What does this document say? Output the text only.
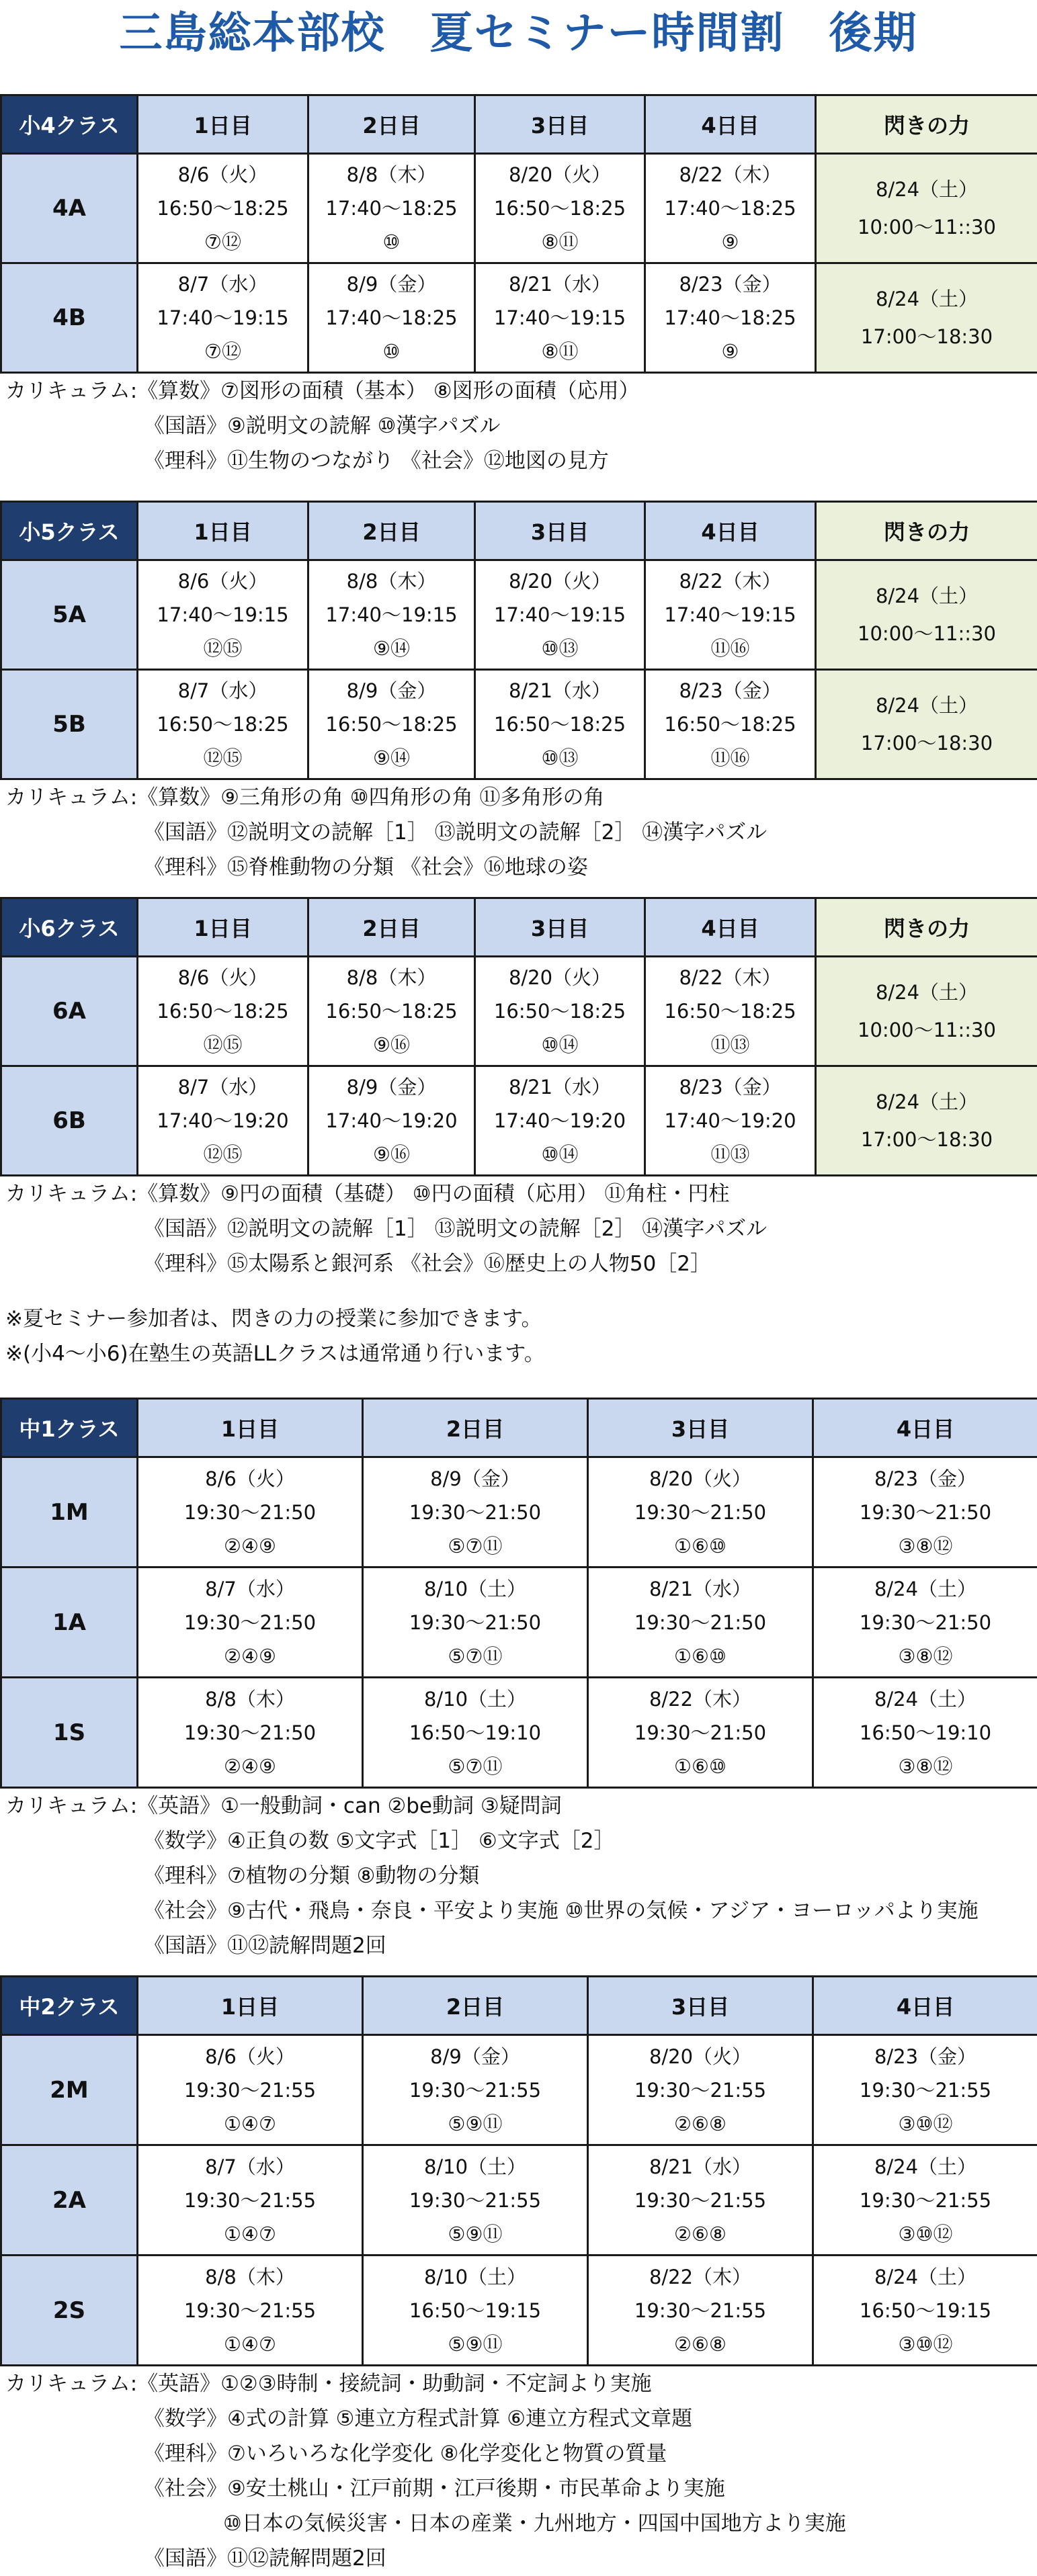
三島総本部校　夏セミナー時間割　後期
小4クラス	1日目	2日目	3日目	4日目	閃きの力
4A	8/6（火）
16:50～18:25
⑦⑫	8/8（木）
17:40～18:25
⑩	8/20（火）
16:50～18:25
⑧⑪	8/22（木）
17:40～18:25
⑨	8/24（土）
10:00～11::30

4B	8/7（水）
17:40～19:15
⑦⑫	8/9（金）
17:40～18:25
⑩	8/21（水）
17:40～19:15
⑧⑪	8/23（金）
17:40～18:25
⑨	8/24（土）
17:00～18:30
カリキュラム:《算数》⑦図形の面積（基本） ⑧図形の面積（応用）
《国語》⑨説明文の読解 ⑩漢字パズル
《理科》⑪生物のつながり 《社会》⑫地図の見方
小5クラス	1日目	2日目	3日目	4日目	閃きの力
5A	8/6（火）
17:40～19:15
⑫⑮	8/8（木）
17:40～19:15
⑨⑭	8/20（火）
17:40～19:15
⑩⑬	8/22（木）
17:40～19:15
⑪⑯	8/24（土）
10:00～11::30

5B	8/7（水）
16:50～18:25
⑫⑮	8/9（金）
16:50～18:25
⑨⑭	8/21（水）
16:50～18:25
⑩⑬	8/23（金）
16:50～18:25
⑪⑯	8/24（土）
17:00～18:30
カリキュラム:《算数》⑨三角形の角 ⑩四角形の角 ⑪多角形の角
《国語》⑫説明文の読解［1］ ⑬説明文の読解［2］ ⑭漢字パズル
《理科》⑮脊椎動物の分類 《社会》⑯地球の姿
小6クラス	1日目	2日目	3日目	4日目	閃きの力
6A	8/6（火）
16:50～18:25
⑫⑮	8/8（木）
16:50～18:25
⑨⑯	8/20（火）
16:50～18:25
⑩⑭	8/22（木）
16:50～18:25
⑪⑬	8/24（土）
10:00～11::30

6B	8/7（水）
17:40～19:20
⑫⑮	8/9（金）
17:40～19:20
⑨⑯	8/21（水）
17:40～19:20
⑩⑭	8/23（金）
17:40～19:20
⑪⑬	8/24（土）
17:00～18:30
カリキュラム:《算数》⑨円の面積（基礎） ⑩円の面積（応用） ⑪角柱・円柱
《国語》⑫説明文の読解［1］ ⑬説明文の読解［2］ ⑭漢字パズル
《理科》⑮太陽系と銀河系 《社会》⑯歴史上の人物50［2］
※夏セミナー参加者は、閃きの力の授業に参加できます。
※(小4～小6)在塾生の英語LLクラスは通常通り行います。
中1クラス	1日目	2日目	3日目	4日目
1M	8/6（火）
19:30～21:50
②④⑨	8/9（金）
19:30～21:50
⑤⑦⑪	8/20（火）
19:30～21:50
①⑥⑩	8/23（金）
19:30～21:50
③⑧⑫

1A	8/7（水）
19:30～21:50
②④⑨	8/10（土）
19:30～21:50
⑤⑦⑪	8/21（水）
19:30～21:50
①⑥⑩	8/24（土）
19:30～21:50
③⑧⑫

1S	8/8（木）
19:30～21:50
②④⑨	8/10（土）
16:50～19:10
⑤⑦⑪	8/22（木）
19:30～21:50
①⑥⑩	8/24（土）
16:50～19:10
③⑧⑫
カリキュラム:《英語》①一般動詞・can ②be動詞 ③疑問詞
《数学》④正負の数 ⑤文字式［1］ ⑥文字式［2］
《理科》⑦植物の分類 ⑧動物の分類
《社会》⑨古代・飛鳥・奈良・平安より実施 ⑩世界の気候・アジア・ヨーロッパより実施
《国語》⑪⑫読解問題2回
中2クラス	1日目	2日目	3日目	4日目
2M	8/6（火）
19:30～21:55
①④⑦	8/9（金）
19:30～21:55
⑤⑨⑪	8/20（火）
19:30～21:55
②⑥⑧	8/23（金）
19:30～21:55
③⑩⑫

2A	8/7（水）
19:30～21:55
①④⑦	8/10（土）
19:30～21:55
⑤⑨⑪	8/21（水）
19:30～21:55
②⑥⑧	8/24（土）
19:30～21:55
③⑩⑫

2S	8/8（木）
19:30～21:55
①④⑦	8/10（土）
16:50～19:15
⑤⑨⑪	8/22（木）
19:30～21:55
②⑥⑧	8/24（土）
16:50～19:15
③⑩⑫
カリキュラム:《英語》①②③時制・接続詞・助動詞・不定詞より実施
《数学》④式の計算 ⑤連立方程式計算 ⑥連立方程式文章題
《理科》⑦いろいろな化学変化 ⑧化学変化と物質の質量
《社会》⑨安土桃山・江戸前期・江戸後期・市民革命より実施
⑩日本の気候災害・日本の産業・九州地方・四国中国地方より実施
《国語》⑪⑫読解問題2回
